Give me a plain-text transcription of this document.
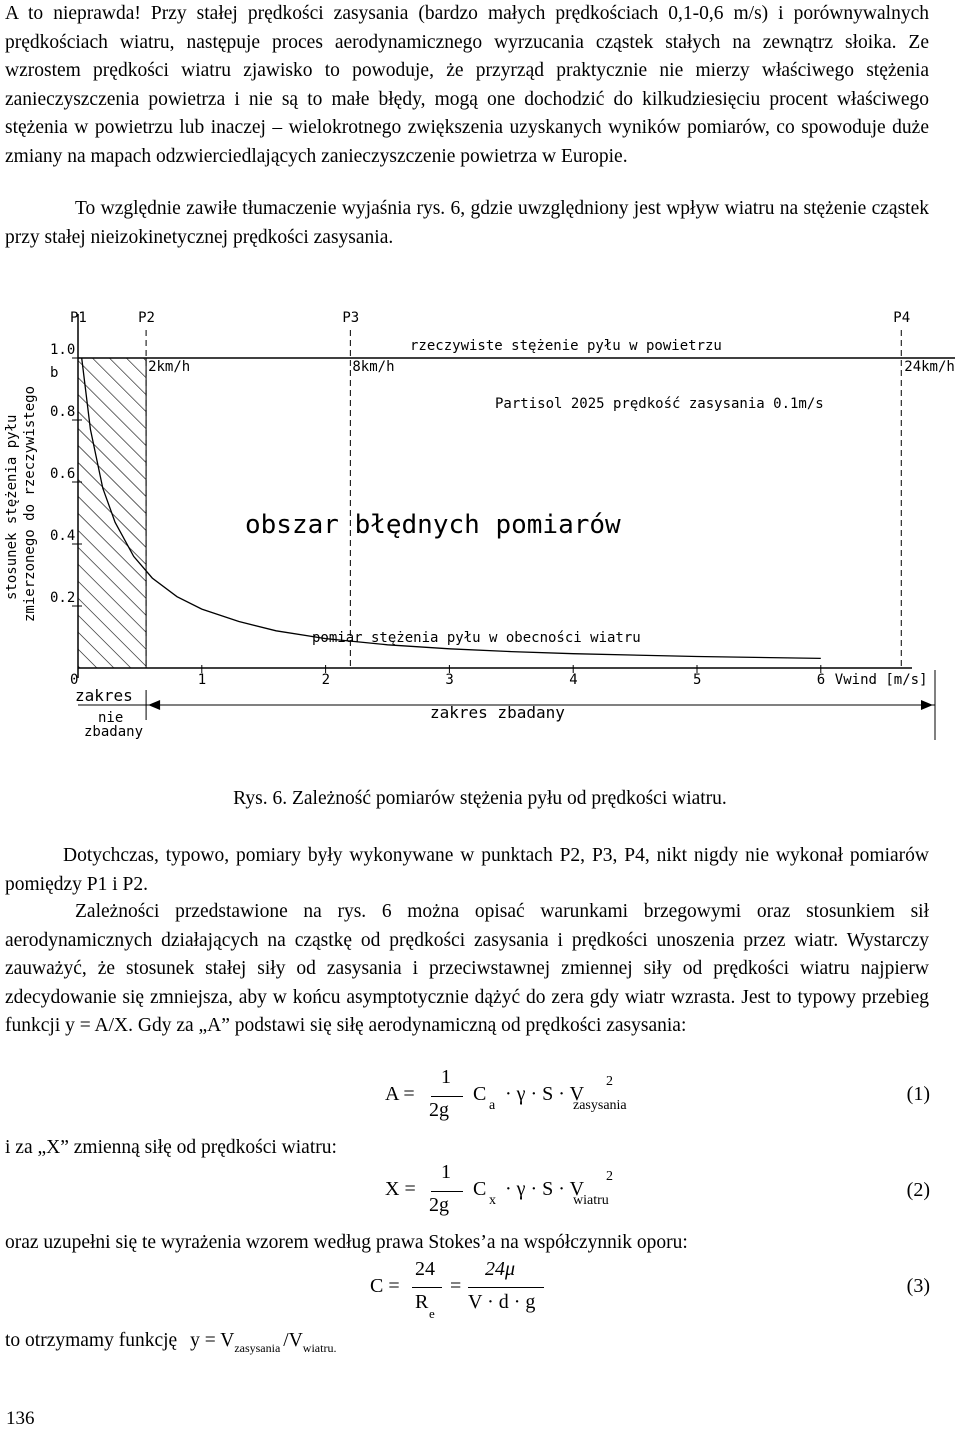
A to nieprawda! Przy stałej prędkości zasysania (bardzo małych prędkościach 0,1-0,6 m/s) i porównywalnych prędkościach wiatru, następuje proces aerodynamicznego wyrzucania cząstek stałych na zewnątrz słoika. Ze wzrostem prędkości wiatru zjawisko to powoduje, że przyrząd praktycznie nie mierzy właściwego stężenia zanieczyszczenia powietrza i nie są to małe błędy, mogą one dochodzić do kilkudziesięciu procent właściwego stężenia w powietrzu lub inaczej – wielokrotnego zwiększenia uzyskanych wyników pomiarów, co spowoduje duże zmiany na mapach odzwierciedlających zanieczyszczenie powietrza w Europie.

To względnie zawiłe tłumaczenie wyjaśnia rys. 6, gdzie uwzględniony jest wpływ wiatru na stężenie cząstek przy stałej nieizokinetycznej prędkości zasysania.

1.0
0.8
0.6
0.4
0.2
b
0	1	2	3	4	5	6 Vwind [m/s]
stosunek stężenia pyłu zmierzonego do rzeczywistego
P1	P2
2km/h
P3
8km/h
P4
24km/h
rzeczywiste stężenie pyłu w powietrzu
Partisol 2025 prędkość zasysania 0.1m/s
obszar błędnych pomiarów
pomiar stężenia pyłu w obecności wiatru
zakres
nie
zbadany
zakres zbadany
Rys. 6. Zależność pomiarów stężenia pyłu od prędkości wiatru.

Dotychczas, typowo, pomiary były wykonywane w punktach P2, P3, P4, nikt nigdy nie wykonał pomiarów pomiędzy P1 i P2.

Zależności przedstawione na rys. 6 można opisać warunkami brzegowymi oraz stosunkiem sił aerodynamicznych działających na cząstkę od prędkości zasysania i prędkości unoszenia przez wiatr. Wystarczy zauważyć, że stosunek stałej siły od zasysania i przeciwstawnej zmiennej siły od prędkości wiatru najpierw zdecydowanie się zmniejsza, aby w końcu asymptotycznie dążyć do zera gdy wiatr wzrasta. Jest to typowy przebieg funkcji y = A/X. Gdy za „A” podstawi się siłę aerodynamiczną od prędkości zasysania:

A =
1
2g
C
a
· γ · S · V
2
zasysania
(1)

i za „X” zmienną siłę od prędkości wiatru:

X =
1
2g
C
x
· γ · S · V
2
wiatru	(2)

oraz uzupełni się te wyrażenia wzorem według prawa Stokes’a na współczynnik oporu:

C =
24
R
e
=
24μ
V · d · g
(3)
to otrzymamy funkcję $y = V_{zasysania}$ $/V_{wiatru.}$
136
